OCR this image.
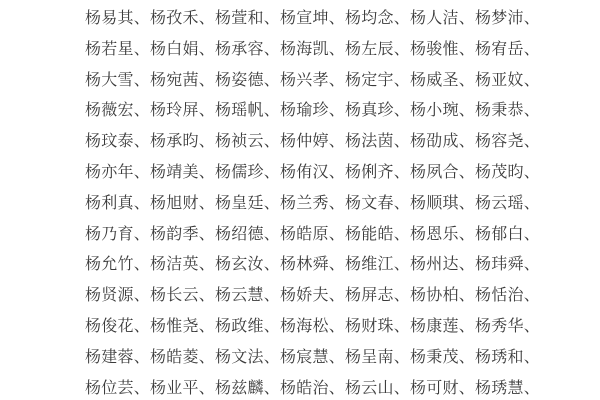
杨易其、杨孜禾、杨萱和、杨宣坤、杨均念、杨人洁、杨梦沛、
杨若星、杨白娟、杨承容、杨海凯、杨左辰、杨骏惟、杨宥岳、
杨大雪、杨宛茜、杨姿德、杨兴孝、杨定宇、杨威圣、杨亚妏、
杨薇宏、杨玲屏、杨瑶帆、杨瑜珍、杨真珍、杨小琬、杨秉恭、
杨玟泰、杨承昀、杨祯云、杨仲婷、杨法茵、杨劭成、杨容尧、
杨亦年、杨靖美、杨儒珍、杨侑汉、杨俐齐、杨夙合、杨茂昀、
杨利真、杨旭财、杨皇廷、杨兰秀、杨文春、杨顺琪、杨云瑶、
杨乃育、杨韵季、杨绍德、杨皓原、杨能皓、杨恩乐、杨郁白、
杨允竹、杨洁英、杨玄汝、杨林舜、杨维江、杨州达、杨玮舜、
杨贤源、杨长云、杨云慧、杨娇夫、杨屏志、杨协柏、杨恬治、
杨俊花、杨惟尧、杨政维、杨海松、杨财珠、杨康莲、杨秀华、
杨建蓉、杨皓菱、杨文法、杨宸慧、杨呈南、杨秉茂、杨琇和、
杨位芸、杨业平、杨兹麟、杨皓治、杨云山、杨可财、杨琇慧、
